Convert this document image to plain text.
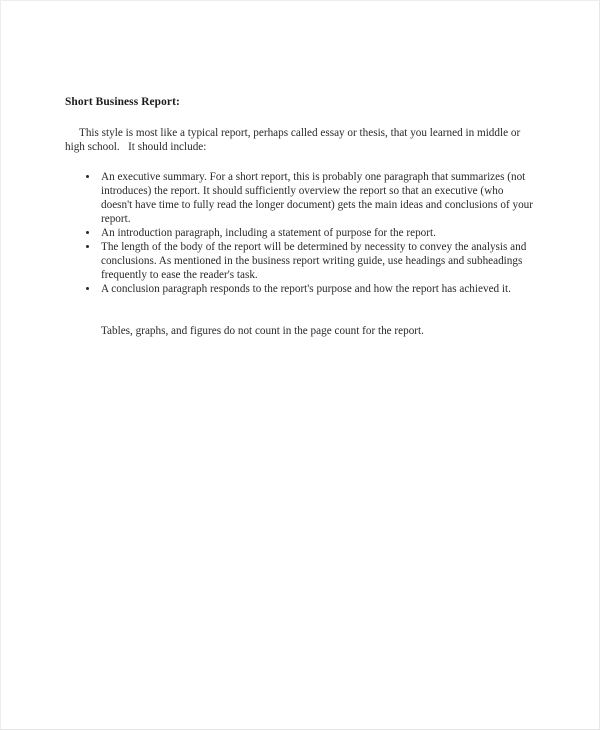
Short Business Report:

This style is most like a typical report, perhaps called essay or thesis, that you learned in middle or high school.   It should include:

An executive summary. For a short report, this is probably one paragraph that summarizes (not introduces) the report. It should sufficiently overview the report so that an executive (who doesn't have time to fully read the longer document) gets the main ideas and conclusions of your report.
An introduction paragraph, including a statement of purpose for the report.
The length of the body of the report will be determined by necessity to convey the analysis and conclusions. As mentioned in the business report writing guide, use headings and subheadings frequently to ease the reader's task.
A conclusion paragraph responds to the report's purpose and how the report has achieved it.

Tables, graphs, and figures do not count in the page count for the report.
